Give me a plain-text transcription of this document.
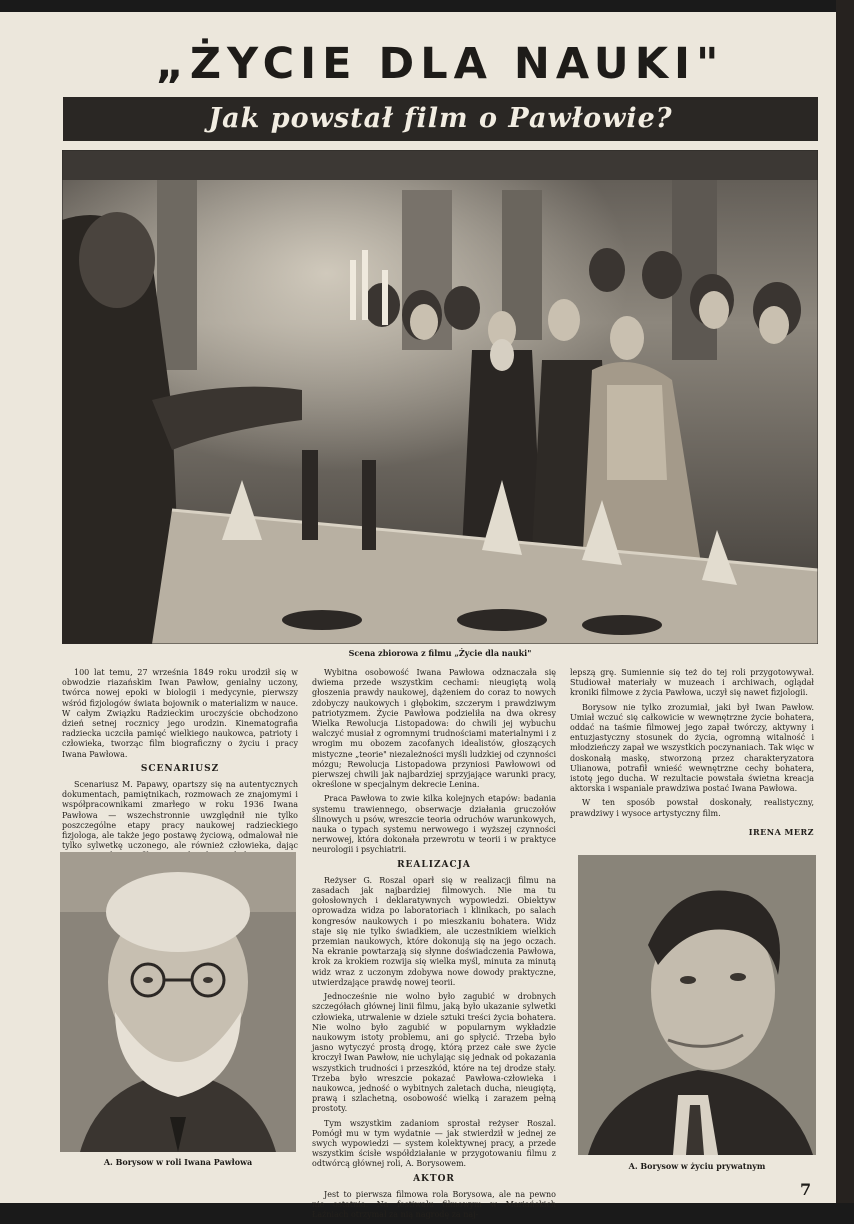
„ŻYCIE DLA NAUKI"
Jak powstał film o Pawłowie?
Scena zbiorowa z filmu „Życie dla nauki"

100 lat temu, 27 września 1849 roku urodził się w obwodzie riazańskim Iwan Pawłow, genialny uczony, twórca nowej epoki w biologii i medycynie, pierwszy wśród fizjologów świata bojownik o materializm w nauce. W całym Związku Radzieckim uroczyście obchodzono dzień setnej rocznicy jego urodzin. Kinematografia radziecka uczciła pamięć wielkiego naukowca, patrioty i człowieka, tworząc film biograficzny o życiu i pracy Iwana Pawłowa.

SCENARIUSZ

Scenariusz M. Papawy, opartszy się na autentycznych dokumentach, pamiętnikach, rozmowach ze znajomymi i współpracownikami zmarłego w roku 1936 Iwana Pawłowa — wszechstronnie uwzględnił nie tylko poszczególne etapy pracy naukowej radzieckiego fizjologa, ale także jego postawę życiową, odmalował nie tylko sylwetkę uczonego, ale również człowieka, dając

Wybitna osobowość Iwana Pawłowa odznaczała się dwiema przede wszystkim cechami: nieugiętą wolą głoszenia prawdy naukowej, dążeniem do coraz to nowych zdobyczy naukowych i głębokim, szczerym i prawdziwym patriotyzmem. Życie Pawłowa podzieliła na dwa okresy Wielka Rewolucja Listopadowa: do chwili jej wybuchu walczyć musiał z ogromnymi trudnościami materialnymi i z wrogim mu obozem zacofanych idealistów, głoszących mistyczne „teorie" niezależności myśli ludzkiej od czynności mózgu; Rewolucja Listopadowa przyniosi Pawłowowi od pierwszej chwili jak najbardziej sprzyjające warunki pracy, określone w specjalnym dekrecie Lenina.

Praca Pawłowa to zwie kilka kolejnych etapów: badania systemu trawiennego, obserwacje działania gruczołów ślinowych u psów, wreszcie teoria odruchów warunkowych, nauka o typach systemu nerwowego i wyższej czynności nerwowej, która dokonała przewrotu w teorii i w praktyce neurologii i psychiatrii.

REALIZACJA

Reżyser G. Roszal oparł się w realizacji filmu na zasadach jak najbardziej filmowych. Nie ma tu gołosłownych i deklaratywnych wypowiedzi. Obiektyw oprowadza widza po laboratoriach i klinikach, po salach kongresów naukowych i po mieszkaniu bohatera. Widz staje się nie tylko świadkiem, ale uczestnikiem wielkich przemian naukowych, które dokonują się na jego oczach. Na ekranie powtarzają się słynne doświadczenia Pawłowa, krok za krokiem rozwija się wielka myśl, minuta za minutą widz wraz z uczonym zdobywa nowe dowody praktyczne, utwierdzające prawdę nowej teorii.

Jednocześnie nie wolno było zagubić w drobnych szczegółach głównej linii filmu, jaką było ukazanie sylwetki człowieka, utrwalenie w dziele sztuki treści życia bohatera. Nie wolno było zagubić w popularnym wykładzie naukowym istoty problemu, ani go spłycić. Trzeba było jasno wytyczyć prostą drogę, którą przez całe swe życie kroczył Iwan Pawłow, nie uchylając się jednak od pokazania wszystkich trudności i przeszkód, które na tej drodze stały. Trzeba było wreszcie pokazać Pawłowa-człowieka i naukowca, jedność o wybitnych zaletach ducha, nieugiętą, prawą i szlachetną, osobowość wielką i zarazem pełną prostoty.

Tym wszystkim zadaniom sprostał reżyser Roszal. Pomógł mu w tym wydatnie — jak stwierdził w jednej ze swych wypowiedzi — system kolektywnej pracy, a przede wszystkim ścisłe współdziałanie w przygotowaniu filmu z odtwórcą głównej roli, A. Borysowem.

AKTOR

Jest to pierwsza filmowa rola Borysowa, ale na pewno nie ostatnia. Na festiwalu filmowym w Mariańskich Łaźniach otrzymał za nią nagrodę za naj-

lepszą grę. Sumiennie się też do tej roli przygotowywał. Studiował materiały w muzeach i archiwach, oglądał kroniki filmowe z życia Pawłowa, uczył się nawet fizjologii.

Borysow nie tylko zrozumiał, jaki był Iwan Pawłow. Umiał wczuć się całkowicie w wewnętrzne życie bohatera, oddać na taśmie filmowej jego zapał twórczy, aktywny i entuzjastyczny stosunek do życia, ogromną witalność i młodzieńczy zapał we wszystkich poczynaniach. Tak więc w doskonałą maskę, stworzoną przez charakteryzatora Ulianowa, potrafił wnieść wewnętrzne cechy bohatera, istotę jego ducha. W rezultacie powstała świetna kreacja aktorska i wspaniale prawdziwa postać Iwana Pawłowa.

W ten sposób powstał doskonały, realistyczny, prawdziwy i wysoce artystyczny film.

IRENA MERZ
A. Borysow w roli Iwana Pawłowa	A. Borysow w życiu prywatnym
7
